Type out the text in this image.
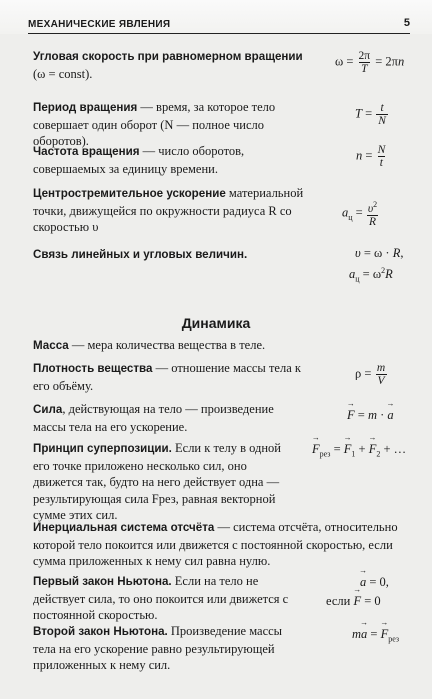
МЕХАНИЧЕСКИЕ ЯВЛЕНИЯ	5
Угловая скорость при равномерном вращении (ω = const).
$\omega = \frac{2\pi}{T} = 2\pi n$
Период вращения — время, за которое тело совершает один оборот (N — полное число оборотов).
$T = \frac{t}{N}$
Частота вращения — число оборотов, совершаемых за единицу времени.
$n = \frac{N}{t}$
Центростремительное ускорение материальной точки, движущейся по окружности радиуса R со скоростью υ
$a_ц = \frac{\upsilon^2}{R}$
Связь линейных и угловых величин.	υ = ω · R,
$a_ц = \omega^2R$
Динамика
Масса — мера количества вещества в теле.
Плотность вещества — отношение массы тела к его объёму.
$\rho = \frac{m}{V}$
Сила, действующая на тело — произведение массы тела на его ускорение.
→ F = m · → a
Принцип суперпозиции. Если к телу в одной его точке приложено несколько сил, оно движется так, будто на него действует одна — результирующая сила Fрез, равная векторной сумме этих сил.
→ $F_{рез}$ = → $F_1$ + → $F_2$ + …
Инерциальная система отсчёта — система отсчёта, относительно которой тело покоится или движется с постоянной скоростью, если сумма приложенных к нему сил равна нулю.
Первый закон Ньютона. Если на тело не действует сила, то оно покоится или движется с постоянной скоростью.
→ a = 0,
если → F = 0
Второй закон Ньютона. Произведение массы тела на его ускорение равно результирующей приложенных к нему сил.
m→ a = → $F_{рез}$
